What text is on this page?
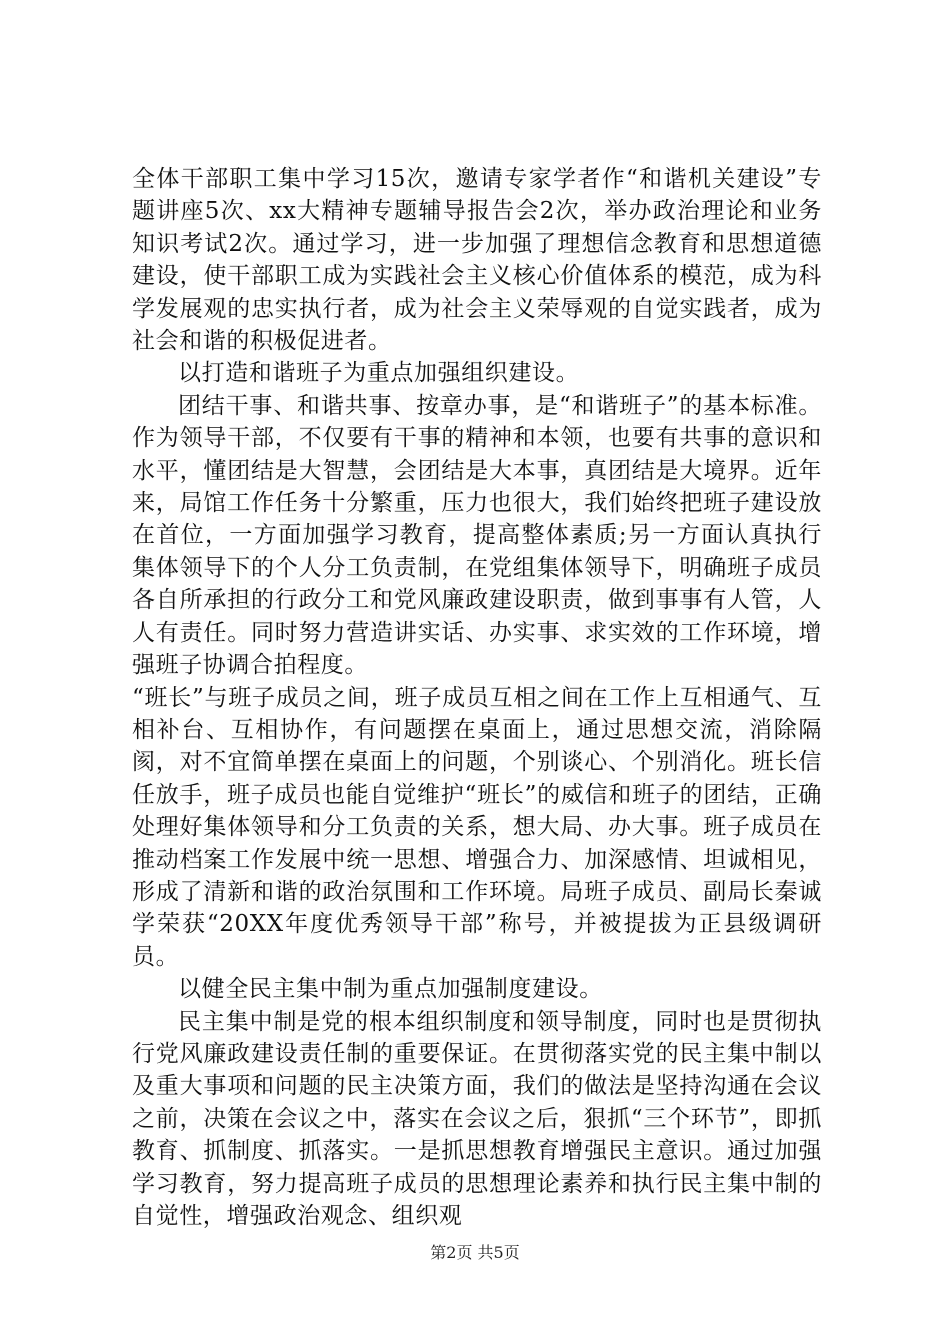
全体干部职工集中学习15次，邀请专家学者作“和谐机关建设”专题讲座5次、xx大精神专题辅导报告会2次，举办政治理论和业务知识考试2次。通过学习，进一步加强了理想信念教育和思想道德建设，使干部职工成为实践社会主义核心价值体系的模范，成为科学发展观的忠实执行者，成为社会主义荣辱观的自觉实践者，成为社会和谐的积极促进者。

以打造和谐班子为重点加强组织建设。

团结干事、和谐共事、按章办事，是“和谐班子”的基本标准。作为领导干部，不仅要有干事的精神和本领，也要有共事的意识和水平，懂团结是大智慧，会团结是大本事，真团结是大境界。近年来，局馆工作任务十分繁重，压力也很大，我们始终把班子建设放在首位，一方面加强学习教育，提高整体素质;另一方面认真执行集体领导下的个人分工负责制，在党组集体领导下，明确班子成员各自所承担的行政分工和党风廉政建设职责，做到事事有人管，人人有责任。同时努力营造讲实话、办实事、求实效的工作环境，增强班子协调合拍程度。

“班长”与班子成员之间，班子成员互相之间在工作上互相通气、互相补台、互相协作，有问题摆在桌面上，通过思想交流，消除隔阂，对不宜简单摆在桌面上的问题，个别谈心、个别消化。班长信任放手，班子成员也能自觉维护“班长”的威信和班子的团结，正确处理好集体领导和分工负责的关系，想大局、办大事。班子成员在推动档案工作发展中统一思想、增强合力、加深感情、坦诚相见，形成了清新和谐的政治氛围和工作环境。局班子成员、副局长秦诚学荣获“20XX年度优秀领导干部”称号，并被提拔为正县级调研员。

以健全民主集中制为重点加强制度建设。

民主集中制是党的根本组织制度和领导制度，同时也是贯彻执行党风廉政建设责任制的重要保证。在贯彻落实党的民主集中制以及重大事项和问题的民主决策方面，我们的做法是坚持沟通在会议之前，决策在会议之中，落实在会议之后，狠抓“三个环节”，即抓教育、抓制度、抓落实。一是抓思想教育增强民主意识。通过加强学习教育，努力提高班子成员的思想理论素养和执行民主集中制的自觉性，增强政治观念、组织观

第2页 共5页
